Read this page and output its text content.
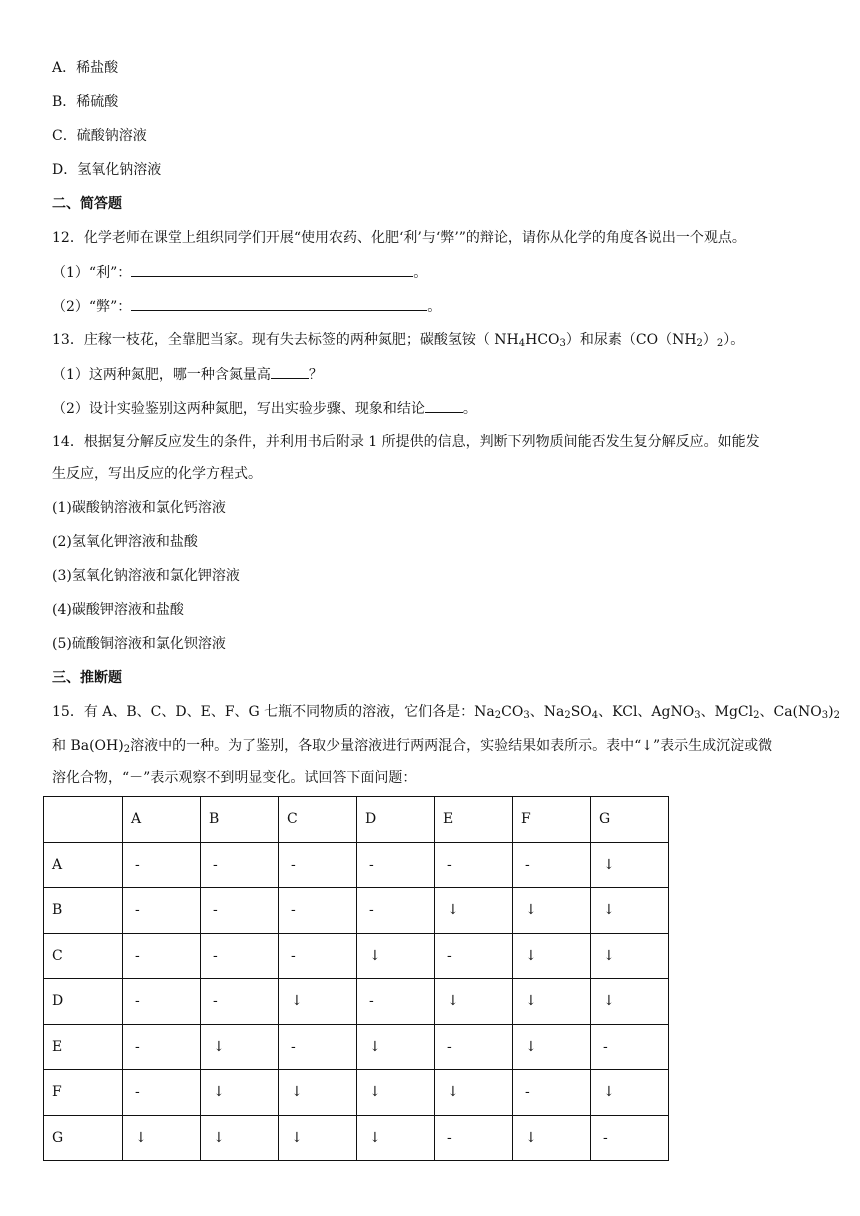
A．稀盐酸
B．稀硫酸
C．硫酸钠溶液
D．氢氧化钠溶液
二、简答题
12．化学老师在课堂上组织同学们开展“使用农药、化肥‘利’与‘弊’”的辩论，请你从化学的角度各说出一个观点。
（1）“利”：	。
（2）“弊”：	。
13．庄稼一枝花，全靠肥当家。现有失去标签的两种氮肥；碳酸氢铵（ $NH_4HCO_3$）和尿素$(CO(NH_2)_2)$。
（1）这两种氮肥，哪一种含氮量高	？
（2）设计实验鉴别这两种氮肥，写出实验步骤、现象和结论	。
14．根据复分解反应发生的条件，并利用书后附录 1 所提供的信息，判断下列物质间能否发生复分解反应。如能发
生反应，写出反应的化学方程式。
(1)碳酸钠溶液和氯化钙溶液
(2)氢氧化钾溶液和盐酸
(3)氢氧化钠溶液和氯化钾溶液
(4)碳酸钾溶液和盐酸
(5)硫酸铜溶液和氯化钡溶液
三、推断题
15．有 A、B、C、D、E、F、G 七瓶不同物质的溶液，它们各是：$Na_2CO_3$、$Na_2SO_4$、KCl、AgNO$_3$、MgCl$_2$、$Ca(NO_3)_2$
和 $Ba(OH)_2$溶液中的一种。为了鉴别，各取少量溶液进行两两混合，实验结果如表所示。表中“↓”表示生成沉淀或微
溶化合物，“－”表示观察不到明显变化。试回答下面问题：
	A	B	C	D	E	F	G
A	-	-	-	-	-	-	↓
B	-	-	-	-	↓	↓	↓
C	-	-	-	↓	-	↓	↓
D	-	-	↓	-	↓	↓	↓
E	-	↓	-	↓	-	↓	-
F	-	↓	↓	↓	↓	-	↓
G	↓	↓	↓	↓	-	↓	-
